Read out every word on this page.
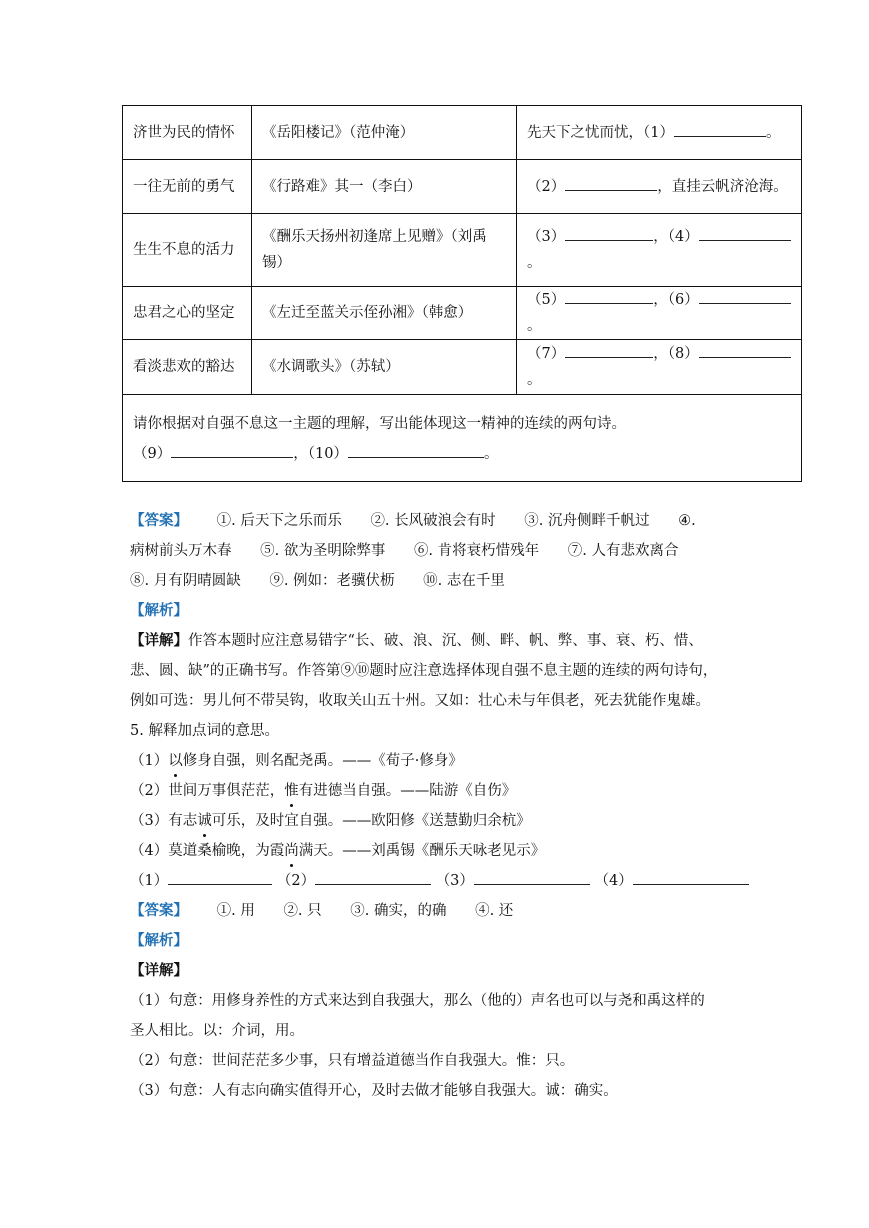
济世为民的情怀	《岳阳楼记》（范仲淹）	先天下之忧而忧，（1） 。
一往无前的勇气	《行路难》其一（李白）	（2） ，直挂云帆济沧海。
生生不息的活力	《酬乐天扬州初逢席上见赠》（刘禹锡）	（3） ，（4）。
忠君之心的坚定	《左迁至蓝关示侄孙湘》（韩愈）	（5） ，（6）。
看淡悲欢的豁达	《水调歌头》（苏轼）	（7） ，（8）。

请你根据对自强不息这一主题的理解，写出能体现这一精神的连续的两句诗。
（9） ，（10） 。		
【答案】 ①. 后天下之乐而乐 ②. 长风破浪会有时 ③. 沉舟侧畔千帆过 ④.
病树前头万木春 ⑤. 欲为圣明除弊事 ⑥. 肯将衰朽惜残年 ⑦. 人有悲欢离合
⑧. 月有阴晴圆缺 ⑨. 例如：老骥伏枥 ⑩. 志在千里
【解析】
【详解】作答本题时应注意易错字“长、破、浪、沉、侧、畔、帆、弊、事、衰、朽、惜、
悲、圆、缺”的正确书写。作答第⑨⑩题时应注意选择体现自强不息主题的连续的两句诗句，
例如可选：男儿何不带吴钩，收取关山五十州。又如：壮心未与年俱老，死去犹能作鬼雄。
5. 解释加点词的意思。
（1）以修身自强，则名配尧禹。——《荀子·修身》
（2）世间万事俱茫茫，惟有进德当自强。——陆游《自伤》
（3）有志诚可乐，及时宜自强。——欧阳修《送慧勤归余杭》
（4）莫道桑榆晚，为霞尚满天。——刘禹锡《酬乐天咏老见示》
（1）	（2）	（3）	（4）
【答案】 ①. 用 ②. 只 ③. 确实，的确 ④. 还
【解析】
【详解】
（1）句意：用修身养性的方式来达到自我强大，那么（他的）声名也可以与尧和禹这样的
圣人相比。以：介词，用。
（2）句意：世间茫茫多少事，只有增益道德当作自我强大。惟：只。
（3）句意：人有志向确实值得开心，及时去做才能够自我强大。诚：确实。
